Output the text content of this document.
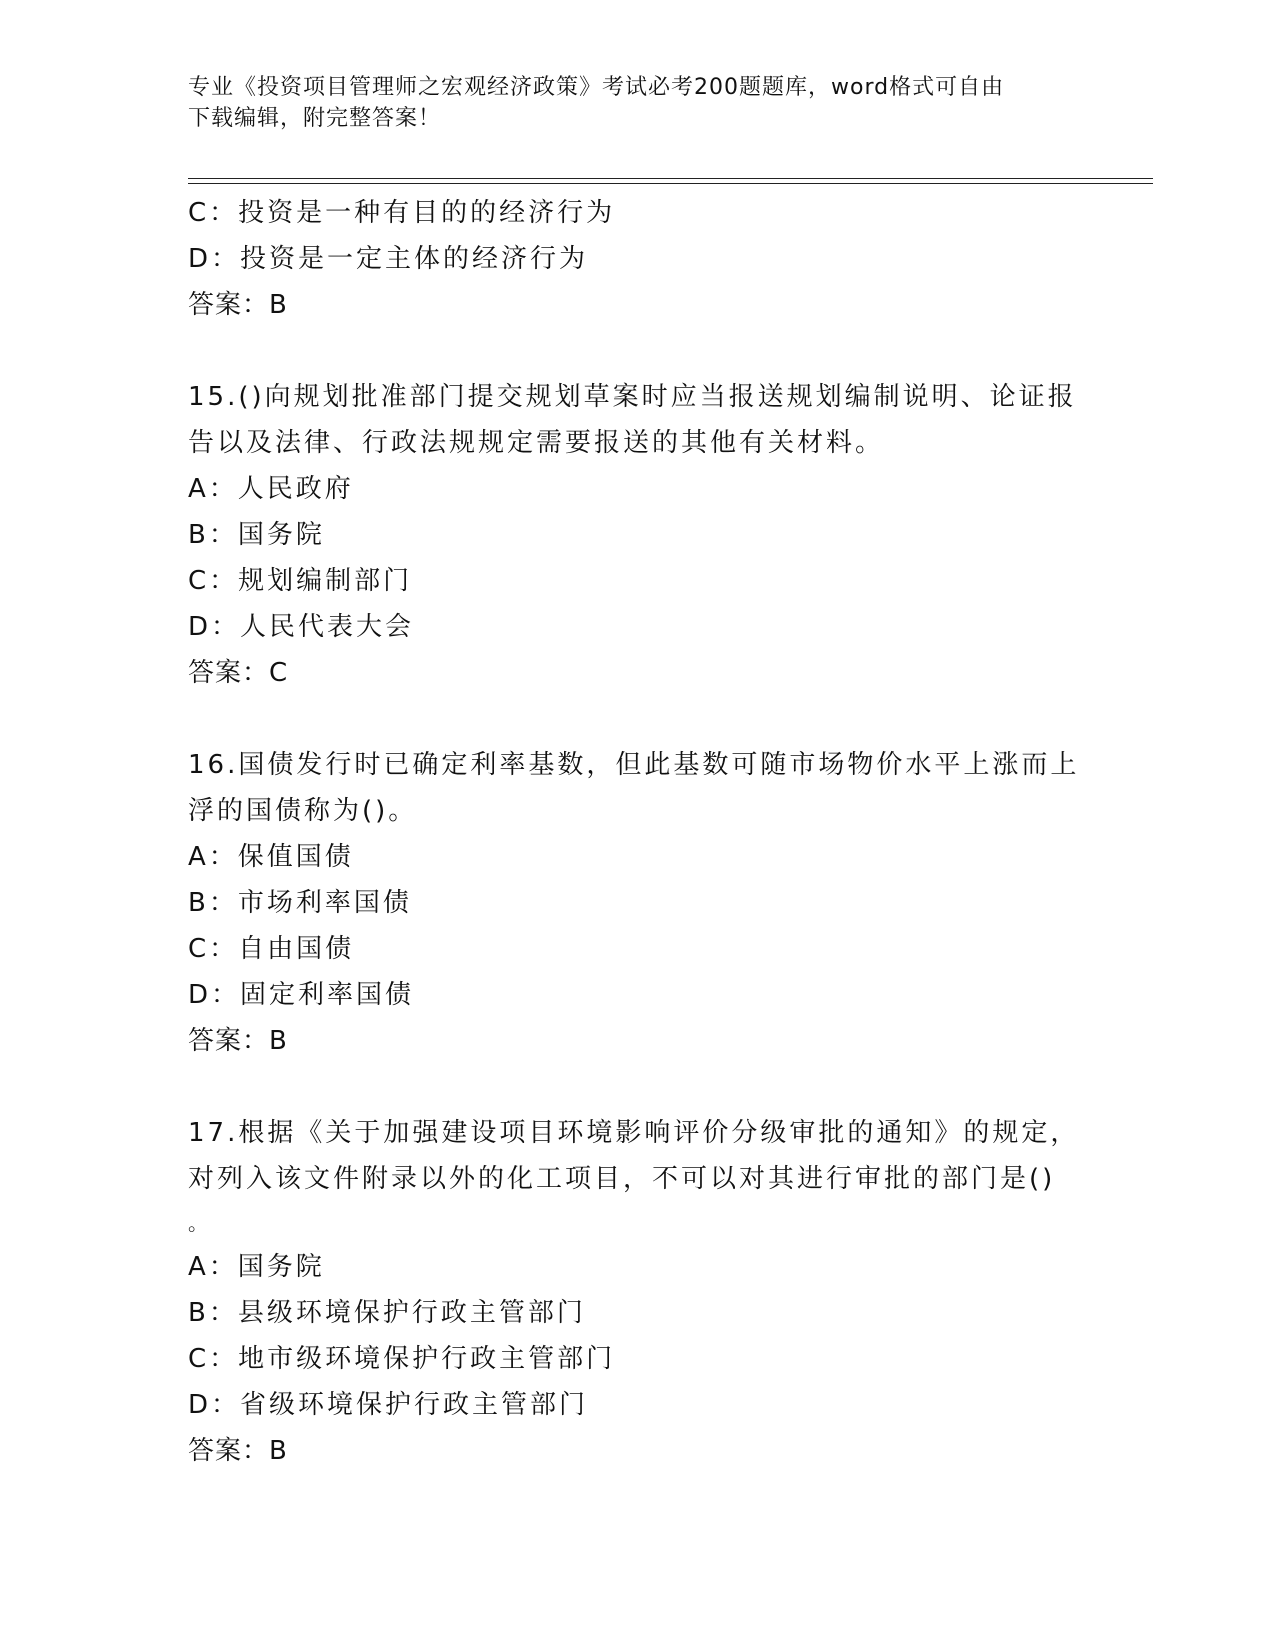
专业《投资项目管理师之宏观经济政策》考试必考200题题库，word格式可自由
下载编辑，附完整答案！
C：投资是一种有目的的经济行为
D：投资是一定主体的经济行为
答案：B
15.()向规划批准部门提交规划草案时应当报送规划编制说明、论证报
告以及法律、行政法规规定需要报送的其他有关材料。
A：人民政府
B：国务院
C：规划编制部门
D：人民代表大会
答案：C
16.国债发行时已确定利率基数，但此基数可随市场物价水平上涨而上
浮的国债称为()。
A：保值国债
B：市场利率国债
C：自由国债
D：固定利率国债
答案：B
17.根据《关于加强建设项目环境影响评价分级审批的通知》的规定，
对列入该文件附录以外的化工项目，不可以对其进行审批的部门是()
。
A：国务院
B：县级环境保护行政主管部门
C：地市级环境保护行政主管部门
D：省级环境保护行政主管部门
答案：B
